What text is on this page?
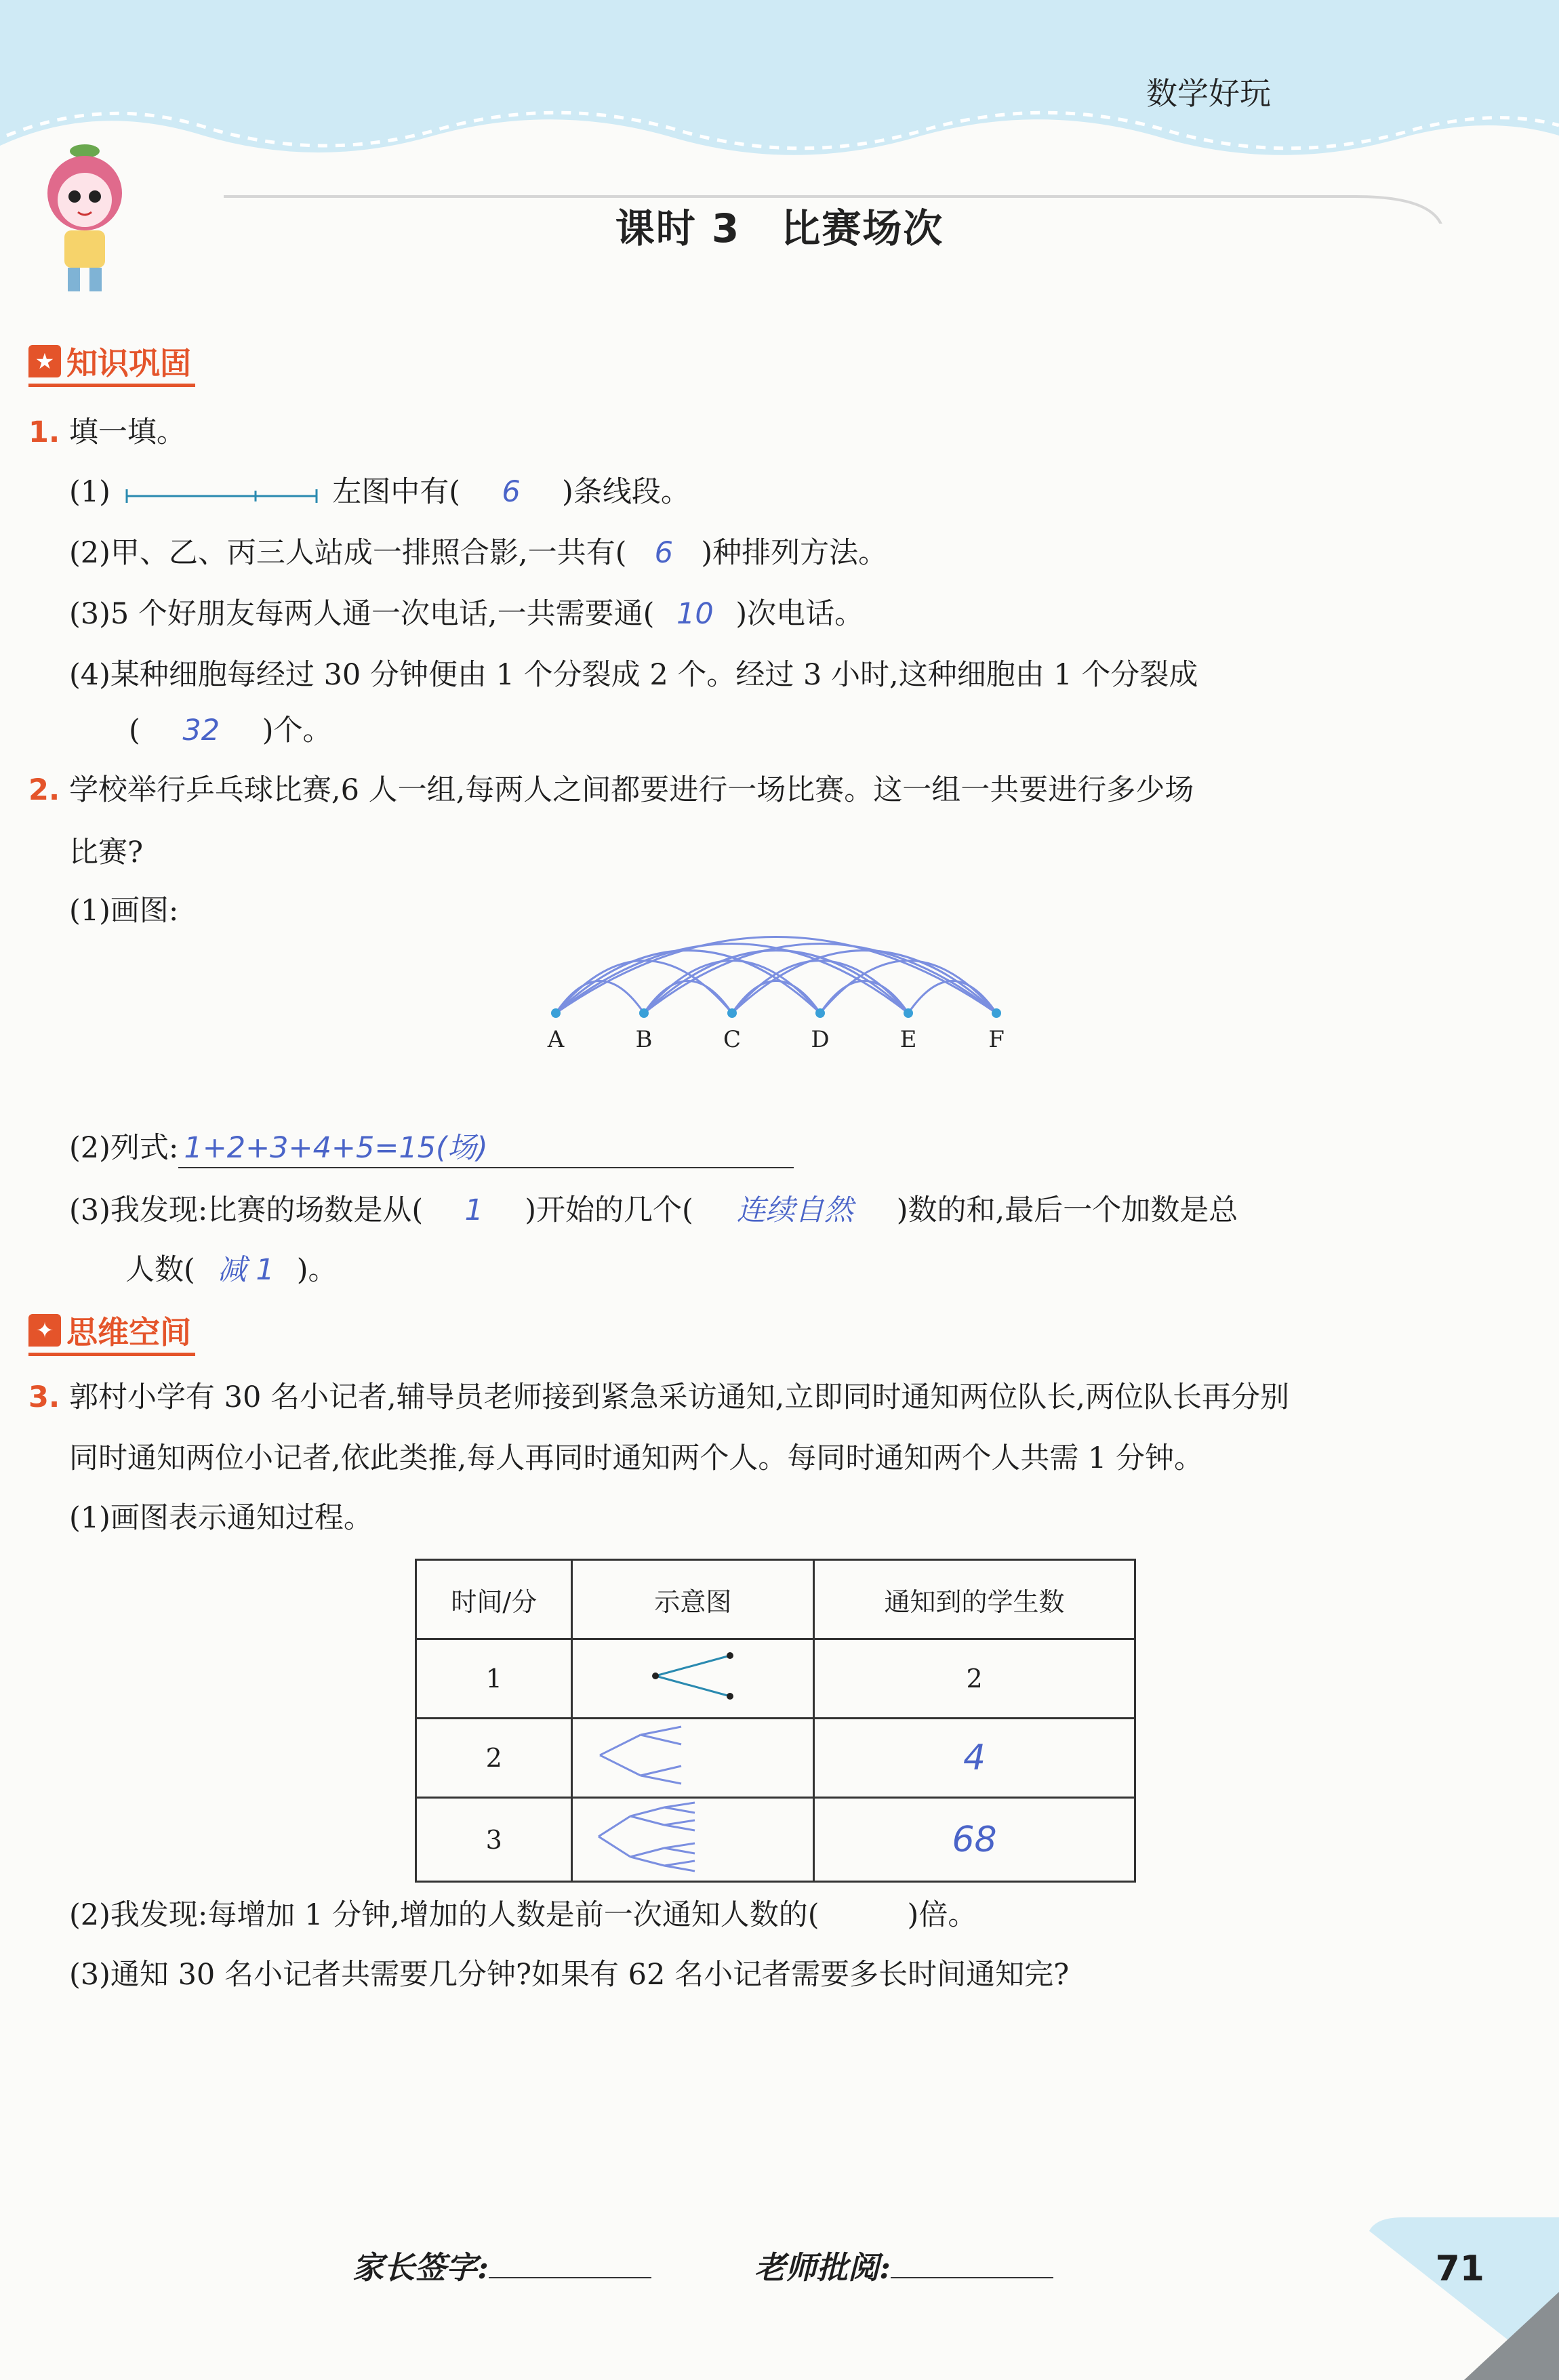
数学好玩
课时 3　比赛场次
★ 知识巩固
1. 填一填。
(1)	左图中有( 6 )条线段。
(2)甲、乙、丙三人站成一排照合影,一共有( 6 )种排列方法。
(3)5 个好朋友每两人通一次电话,一共需要通( 10 )次电话。
(4)某种细胞每经过 30 分钟便由 1 个分裂成 2 个。经过 3 小时,这种细胞由 1 个分裂成
( 32 )个。
2. 学校举行乒乓球比赛,6 人一组,每两人之间都要进行一场比赛。这一组一共要进行多少场
比赛?
(1)画图:
A	B	C	D	E	F
(2)列式: 1+2+3+4+5=15(场)
(3)我发现:比赛的场数是从( 1 )开始的几个( 连续自然 )数的和,最后一个加数是总
人数( 减 1 )。
✦ 思维空间
3. 郭村小学有 30 名小记者,辅导员老师接到紧急采访通知,立即同时通知两位队长,两位队长再分别
同时通知两位小记者,依此类推,每人再同时通知两个人。每同时通知两个人共需 1 分钟。
(1)画图表示通知过程。
时间/分	示意图	通知到的学生数
1		2
2		4
3		68
(2)我发现:每增加 1 分钟,增加的人数是前一次通知人数的(	)倍。
(3)通知 30 名小记者共需要几分钟?如果有 62 名小记者需要多长时间通知完?
家长签字:	老师批阅:	71
